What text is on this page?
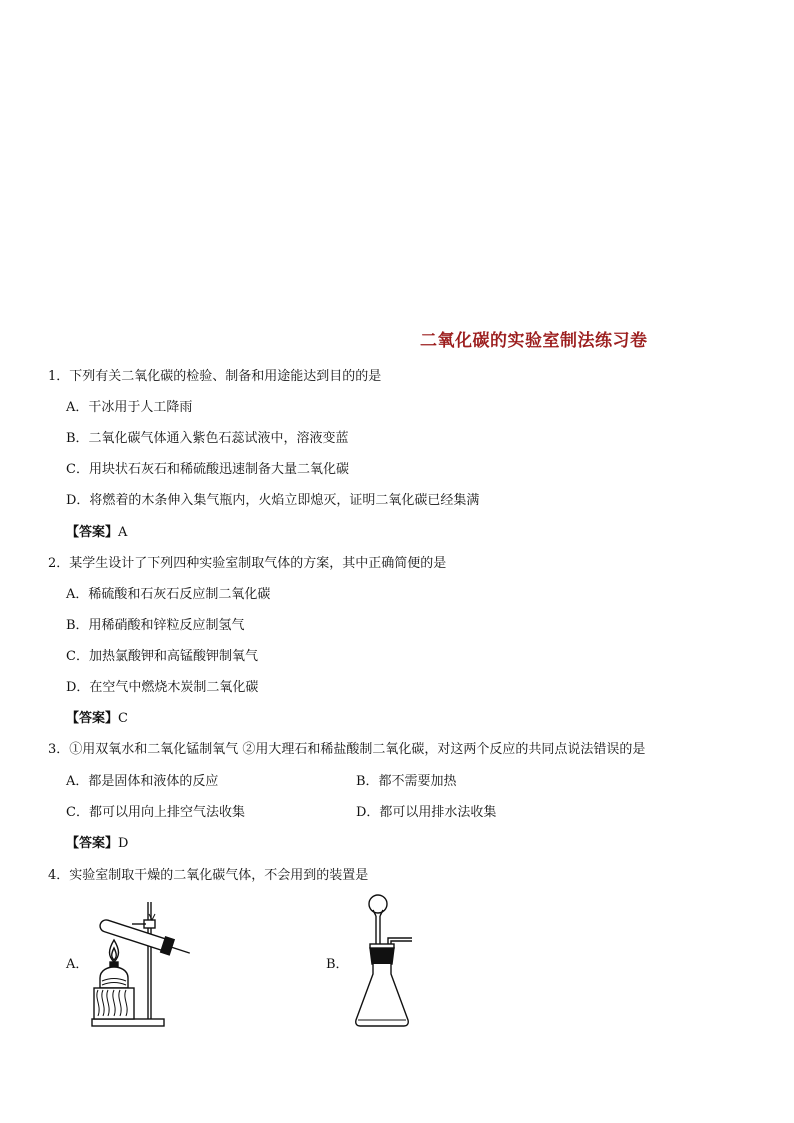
二氧化碳的实验室制法练习卷
1．下列有关二氧化碳的检验、制备和用途能达到目的的是
A．干冰用于人工降雨
B．二氧化碳气体通入紫色石蕊试液中，溶液变蓝
C．用块状石灰石和稀硫酸迅速制备大量二氧化碳
D．将燃着的木条伸入集气瓶内，火焰立即熄灭，证明二氧化碳已经集满
【答案】A
2．某学生设计了下列四种实验室制取气体的方案，其中正确简便的是
A．稀硫酸和石灰石反应制二氧化碳
B．用稀硝酸和锌粒反应制氢气
C．加热氯酸钾和高锰酸钾制氧气
D．在空气中燃烧木炭制二氧化碳
【答案】C
3．①用双氧水和二氧化锰制氧气 ②用大理石和稀盐酸制二氧化碳，对这两个反应的共同点说法错误的是
A．都是固体和液体的反应	B．都不需要加热
C．都可以用向上排空气法收集	D．都可以用排水法收集
【答案】D
4．实验室制取干燥的二氧化碳气体，不会用到的装置是
A．	B．
